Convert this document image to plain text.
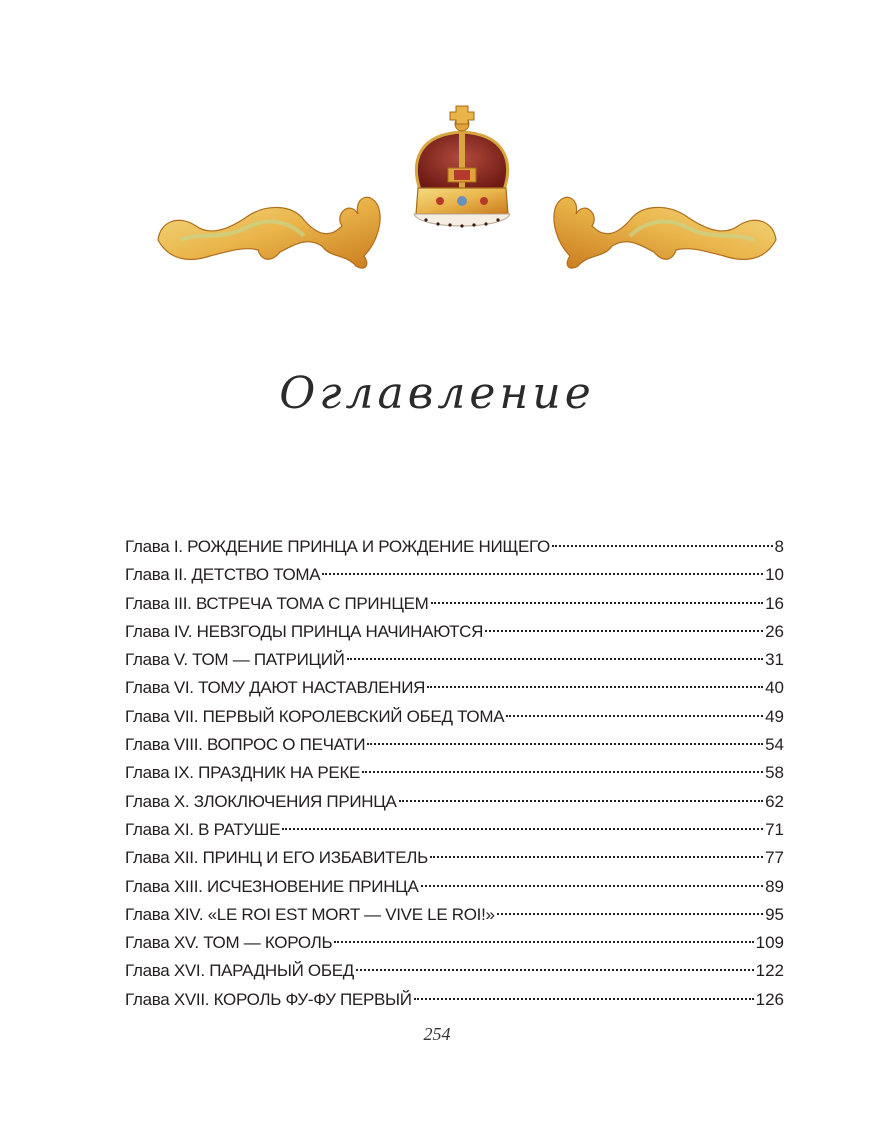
Оглавление
Глава I. РОЖДЕНИЕ ПРИНЦА И РОЖДЕНИЕ НИЩЕГО	8
Глава II. ДЕТСТВО ТОМА	10
Глава III. ВСТРЕЧА ТОМА С ПРИНЦЕМ	16
Глава IV. НЕВЗГОДЫ ПРИНЦА НАЧИНАЮТСЯ	26
Глава V. ТОМ — ПАТРИЦИЙ	31
Глава VI. ТОМУ ДАЮТ НАСТАВЛЕНИЯ	40
Глава VII. ПЕРВЫЙ КОРОЛЕВСКИЙ ОБЕД ТОМА	49
Глава VIII. ВОПРОС О ПЕЧАТИ	54
Глава IX. ПРАЗДНИК НА РЕКЕ	58
Глава X. ЗЛОКЛЮЧЕНИЯ ПРИНЦА	62
Глава XI. В РАТУШЕ	71
Глава XII. ПРИНЦ И ЕГО ИЗБАВИТЕЛЬ	77
Глава XIII. ИСЧЕЗНОВЕНИЕ ПРИНЦА	89
Глава XIV. «LE ROI EST MORT — VIVE LE ROI!»	95
Глава XV. ТОМ — КОРОЛЬ	109
Глава XVI. ПАРАДНЫЙ ОБЕД	122
Глава XVII. КОРОЛЬ ФУ-ФУ ПЕРВЫЙ	126
254
